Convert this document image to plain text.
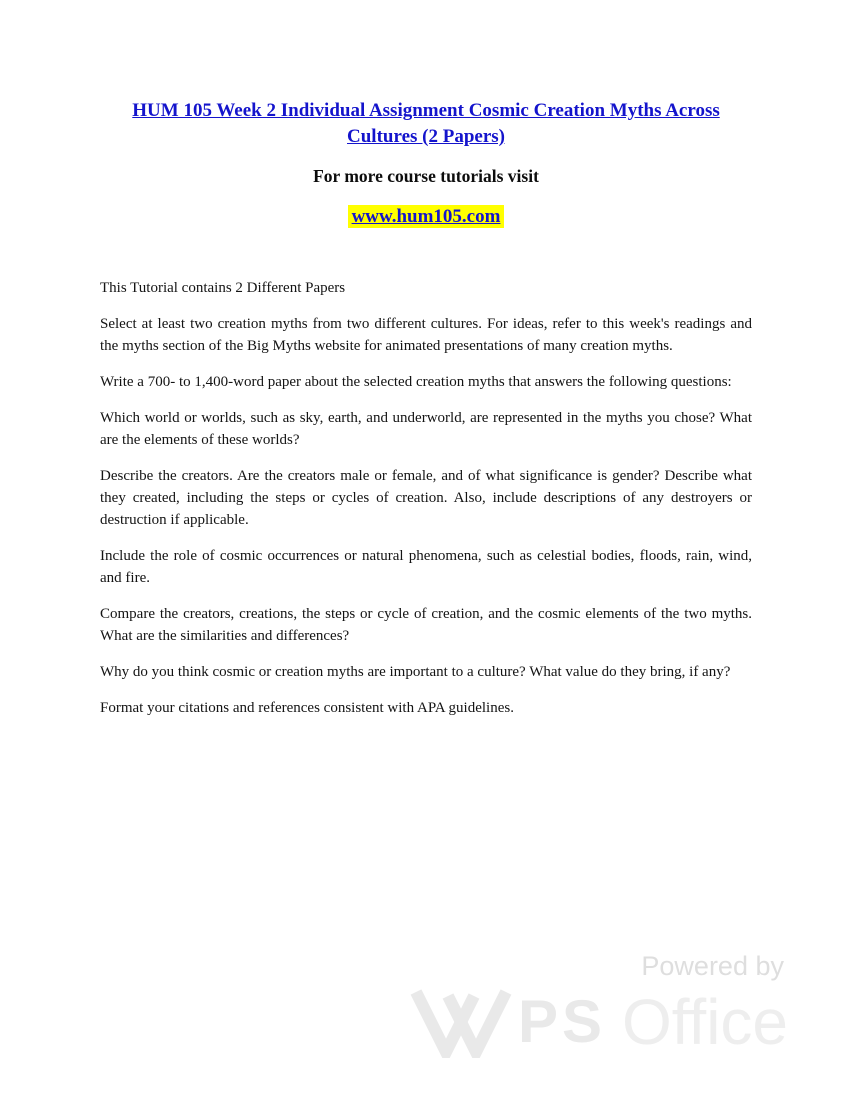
HUM 105 Week 2 Individual Assignment Cosmic Creation Myths Across Cultures (2 Papers)
For more course tutorials visit
www.hum105.com

This Tutorial contains 2 Different Papers

Select at least two creation myths from two different cultures. For ideas, refer to this week's readings and the myths section of the Big Myths website for animated presentations of many creation myths.

Write a 700- to 1,400-word paper about the selected creation myths that answers the following questions:

Which world or worlds, such as sky, earth, and underworld, are represented in the myths you chose? What are the elements of these worlds?

Describe the creators. Are the creators male or female, and of what significance is gender? Describe what they created, including the steps or cycles of creation. Also, include descriptions of any destroyers or destruction if applicable.

Include the role of cosmic occurrences or natural phenomena, such as celestial bodies, floods, rain, wind, and fire.

Compare the creators, creations, the steps or cycle of creation, and the cosmic elements of the two myths. What are the similarities and differences?

Why do you think cosmic or creation myths are important to a culture? What value do they bring, if any?

Format your citations and references consistent with APA guidelines.

Powered by
PS Office
